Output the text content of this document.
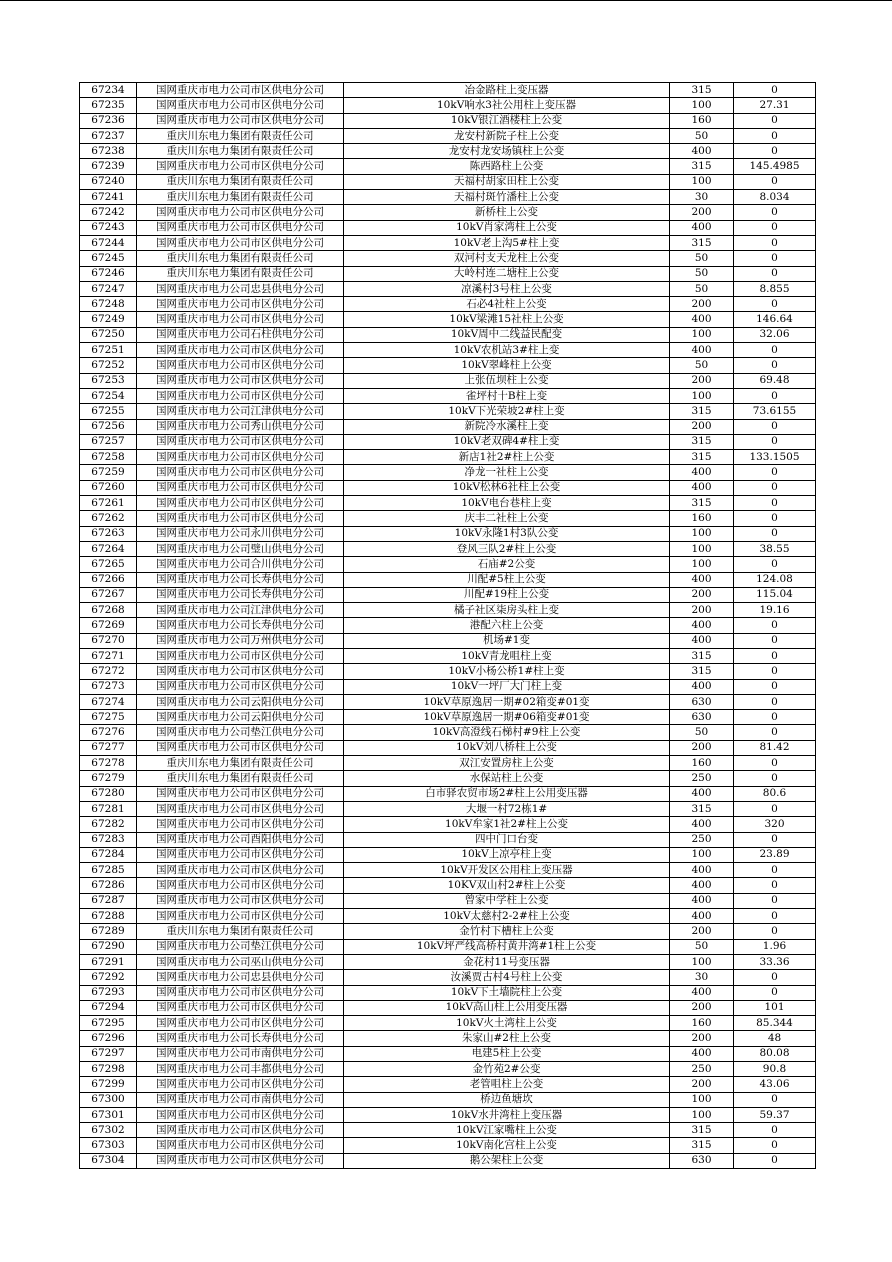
67234	国网重庆市电力公司市区供电分公司	冶金路柱上变压器	315	0
67235	国网重庆市电力公司市区供电分公司	10kV响水3社公用柱上变压器	100	27.31
67236	国网重庆市电力公司市区供电分公司	10kV银江酒楼柱上公变	160	0
67237	重庆川东电力集团有限责任公司	龙安村新院子柱上公变	50	0
67238	重庆川东电力集团有限责任公司	龙安村龙安场镇柱上公变	400	0
67239	国网重庆市电力公司市区供电分公司	陈西路柱上公变	315	145.4985
67240	重庆川东电力集团有限责任公司	天福村胡家田柱上公变	100	0
67241	重庆川东电力集团有限责任公司	天福村斑竹潘柱上公变	30	8.034
67242	国网重庆市电力公司市区供电分公司	新桥柱上公变	200	0
67243	国网重庆市电力公司市区供电分公司	10kV肖家湾柱上公变	400	0
67244	国网重庆市电力公司市区供电分公司	10kV老上沟5#柱上变	315	0
67245	重庆川东电力集团有限责任公司	双河村支天龙柱上公变	50	0
67246	重庆川东电力集团有限责任公司	大岭村连二塘柱上公变	50	0
67247	国网重庆市电力公司忠县供电分公司	凉溪村3号柱上公变	50	8.855
67248	国网重庆市电力公司市区供电分公司	石必4社柱上公变	200	0
67249	国网重庆市电力公司市区供电分公司	10kV梁滩15社柱上公变	400	146.64
67250	国网重庆市电力公司石柱供电分公司	10kV周中二线益民配变	100	32.06
67251	国网重庆市电力公司市区供电分公司	10kV农机站3#柱上变	400	0
67252	国网重庆市电力公司市区供电分公司	10kV翠峰柱上公变	50	0
67253	国网重庆市电力公司市区供电分公司	上张伍坝柱上公变	200	69.48
67254	国网重庆市电力公司市区供电分公司	雀坪村十B柱上变	100	0
67255	国网重庆市电力公司江津供电分公司	10kV下光荣坡2#柱上变	315	73.6155
67256	国网重庆市电力公司秀山供电分公司	新院冷水溪柱上变	200	0
67257	国网重庆市电力公司市区供电分公司	10kV老双碑4#柱上变	315	0
67258	国网重庆市电力公司市区供电分公司	新店1社2#柱上公变	315	133.1505
67259	国网重庆市电力公司市区供电分公司	净龙一社柱上公变	400	0
67260	国网重庆市电力公司市区供电分公司	10kV松林6社柱上公变	400	0
67261	国网重庆市电力公司市区供电分公司	10kV电台巷柱上变	315	0
67262	国网重庆市电力公司市区供电分公司	庆丰二社柱上公变	160	0
67263	国网重庆市电力公司永川供电分公司	10kV永隆1村3队公变	100	0
67264	国网重庆市电力公司璧山供电分公司	登风三队2#柱上公变	100	38.55
67265	国网重庆市电力公司合川供电分公司	石庙#2公变	100	0
67266	国网重庆市电力公司长寿供电分公司	川配#5柱上公变	400	124.08
67267	国网重庆市电力公司长寿供电分公司	川配#19柱上公变	200	115.04
67268	国网重庆市电力公司江津供电分公司	橘子社区柒房头柱上变	200	19.16
67269	国网重庆市电力公司长寿供电分公司	港配六柱上公变	400	0
67270	国网重庆市电力公司万州供电分公司	机场#1变	400	0
67271	国网重庆市电力公司市区供电分公司	10kV青龙咀柱上变	315	0
67272	国网重庆市电力公司市区供电分公司	10kV小杨公桥1#柱上变	315	0
67273	国网重庆市电力公司市区供电分公司	10kV一坪厂大门柱上变	400	0
67274	国网重庆市电力公司云阳供电分公司	10kV草原逸居一期#02箱变#01变	630	0
67275	国网重庆市电力公司云阳供电分公司	10kV草原逸居一期#06箱变#01变	630	0
67276	国网重庆市电力公司垫江供电分公司	10kV高澄线石梯村#9柱上公变	50	0
67277	国网重庆市电力公司市区供电分公司	10kV刘八桥柱上公变	200	81.42
67278	重庆川东电力集团有限责任公司	双江安置房柱上公变	160	0
67279	重庆川东电力集团有限责任公司	水保站柱上公变	250	0
67280	国网重庆市电力公司市区供电分公司	白市驿农贸市场2#柱上公用变压器	400	80.6
67281	国网重庆市电力公司市区供电分公司	大堰一村72栋1#	315	0
67282	国网重庆市电力公司市区供电分公司	10kV牟家1社2#柱上公变	400	320
67283	国网重庆市电力公司酉阳供电分公司	四中门口台变	250	0
67284	国网重庆市电力公司市区供电分公司	10kV上凉亭柱上变	100	23.89
67285	国网重庆市电力公司市区供电分公司	10kV开发区公用柱上变压器	400	0
67286	国网重庆市电力公司市区供电分公司	10KV双山村2#柱上公变	400	0
67287	国网重庆市电力公司市区供电分公司	曾家中学柱上公变	400	0
67288	国网重庆市电力公司市区供电分公司	10kV太慈村2-2#柱上公变	400	0
67289	重庆川东电力集团有限责任公司	金竹村下槽柱上公变	200	0
67290	国网重庆市电力公司垫江供电分公司	10kV坪严线高桥村黄井湾#1柱上公变	50	1.96
67291	国网重庆市电力公司巫山供电分公司	金花村11号变压器	100	33.36
67292	国网重庆市电力公司忠县供电分公司	汝溪贾古村4号柱上公变	30	0
67293	国网重庆市电力公司市区供电分公司	10kV下土墙院柱上公变	400	0
67294	国网重庆市电力公司市区供电分公司	10kV高山柱上公用变压器	200	101
67295	国网重庆市电力公司市区供电分公司	10kV火土湾柱上公变	160	85.344
67296	国网重庆市电力公司长寿供电分公司	朱家山#2柱上公变	200	48
67297	国网重庆市电力公司市南供电分公司	电建5柱上公变	400	80.08
67298	国网重庆市电力公司丰都供电分公司	金竹苑2#公变	250	90.8
67299	国网重庆市电力公司市区供电分公司	老管咀柱上公变	200	43.06
67300	国网重庆市电力公司市南供电分公司	桥边鱼塘坎	100	0
67301	国网重庆市电力公司市区供电分公司	10kV水井湾柱上变压器	100	59.37
67302	国网重庆市电力公司市区供电分公司	10kV江家嘴柱上公变	315	0
67303	国网重庆市电力公司市区供电分公司	10kV南化宫柱上公变	315	0
67304	国网重庆市电力公司市区供电分公司	鹅公架柱上公变	630	0
